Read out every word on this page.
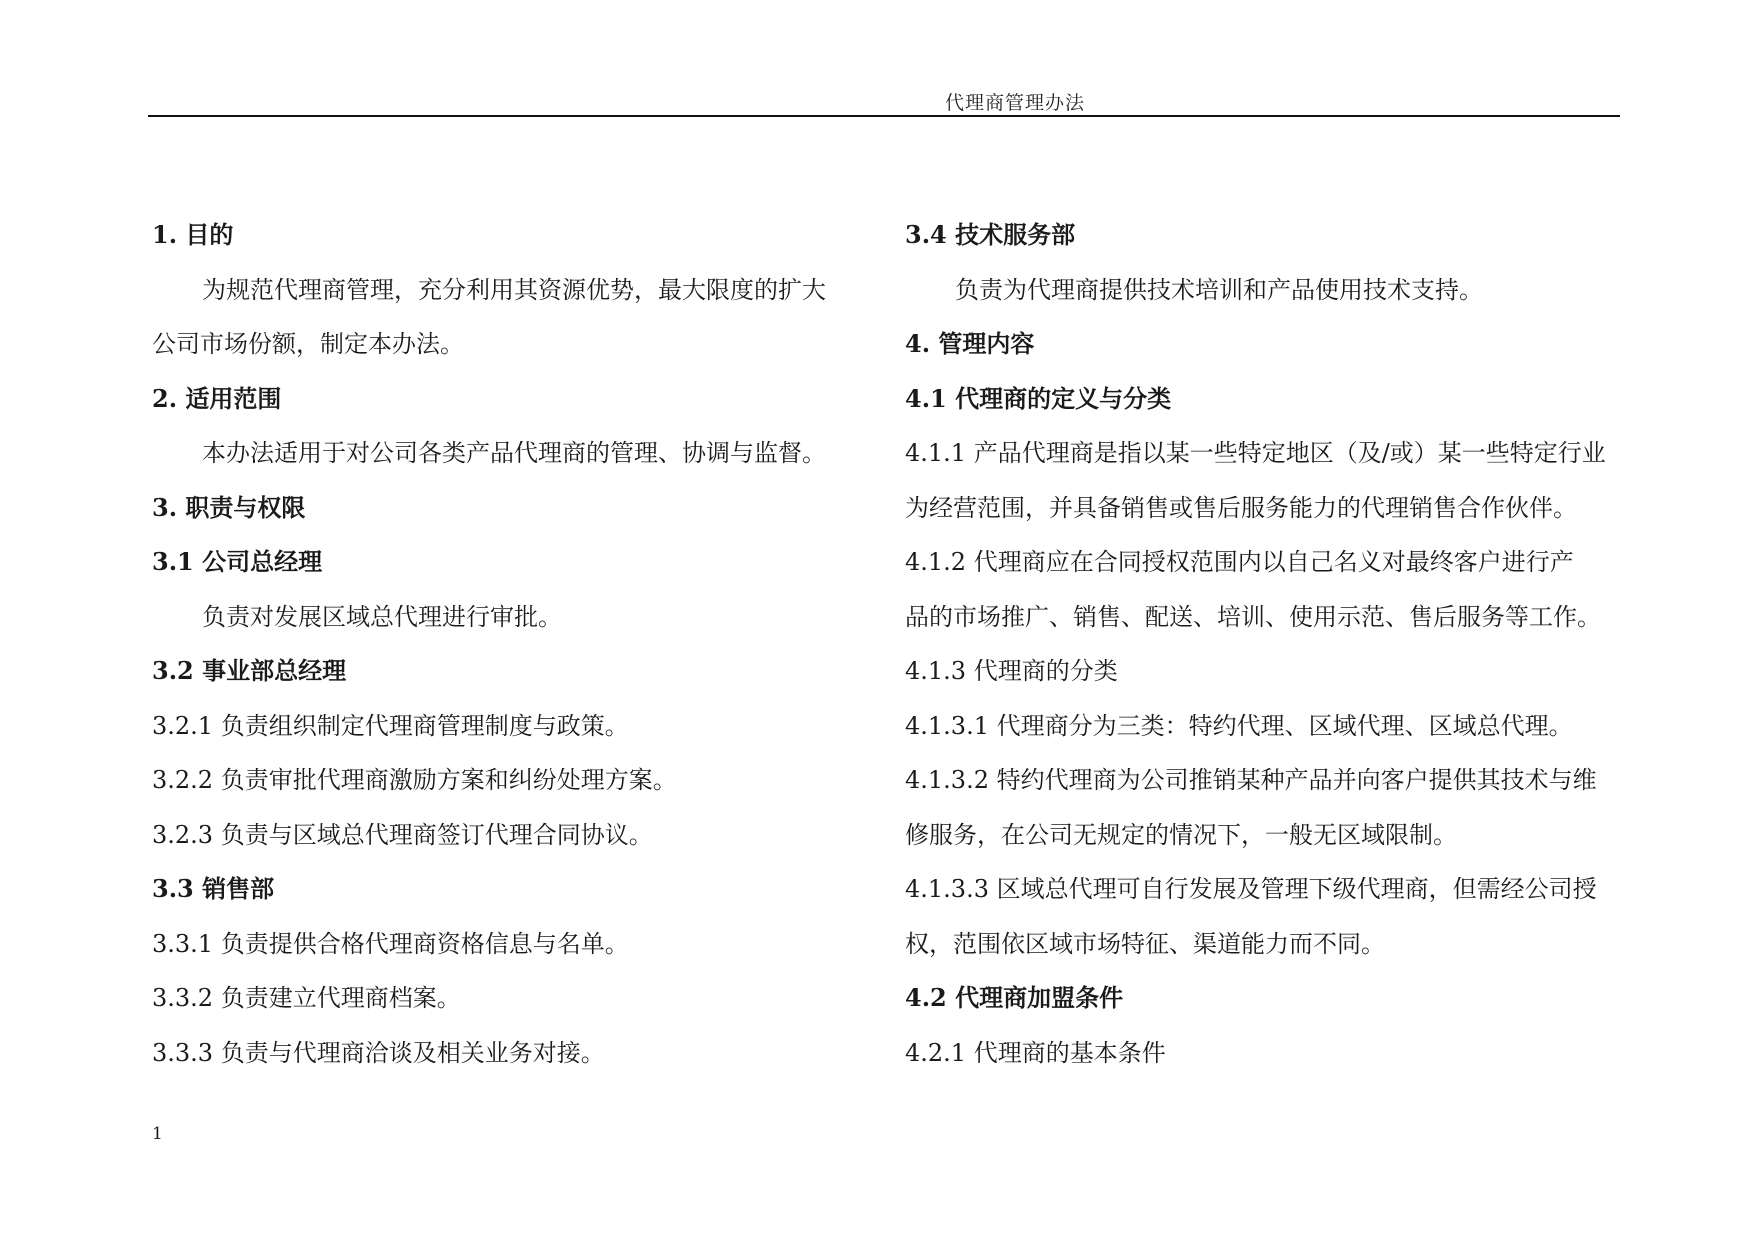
代理商管理办法
1. 目的
为规范代理商管理，充分利用其资源优势，最大限度的扩大
公司市场份额，制定本办法。
2. 适用范围
本办法适用于对公司各类产品代理商的管理、协调与监督。
3. 职责与权限
3.1 公司总经理
负责对发展区域总代理进行审批。
3.2 事业部总经理
3.2.1 负责组织制定代理商管理制度与政策。
3.2.2 负责审批代理商激励方案和纠纷处理方案。
3.2.3 负责与区域总代理商签订代理合同协议。
3.3 销售部
3.3.1 负责提供合格代理商资格信息与名单。
3.3.2 负责建立代理商档案。
3.3.3 负责与代理商洽谈及相关业务对接。
3.4 技术服务部
负责为代理商提供技术培训和产品使用技术支持。
4. 管理内容
4.1 代理商的定义与分类
4.1.1 产品代理商是指以某一些特定地区（及/或）某一些特定行业
为经营范围，并具备销售或售后服务能力的代理销售合作伙伴。
4.1.2 代理商应在合同授权范围内以自己名义对最终客户进行产
品的市场推广、销售、配送、培训、使用示范、售后服务等工作。
4.1.3 代理商的分类
4.1.3.1 代理商分为三类：特约代理、区域代理、区域总代理。
4.1.3.2 特约代理商为公司推销某种产品并向客户提供其技术与维
修服务，在公司无规定的情况下，一般无区域限制。
4.1.3.3 区域总代理可自行发展及管理下级代理商，但需经公司授
权，范围依区域市场特征、渠道能力而不同。
4.2 代理商加盟条件
4.2.1 代理商的基本条件
1
